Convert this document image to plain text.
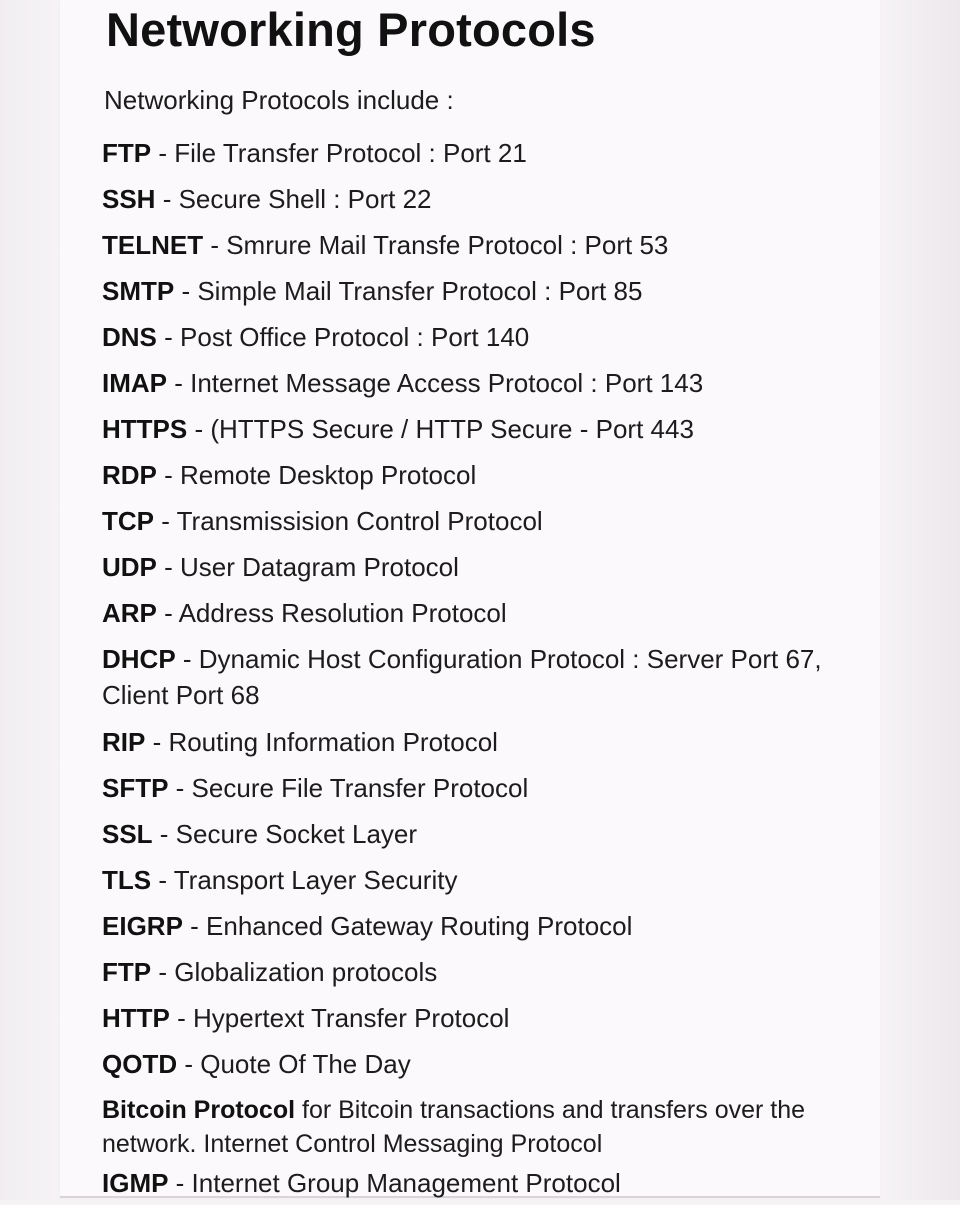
Networking Protocols

Networking Protocols include :

FTP - File Transfer Protocol : Port 21
SSH - Secure Shell : Port 22
TELNET - Smrure Mail Transfe Protocol : Port 53
SMTP - Simple Mail Transfer Protocol : Port 85
DNS - Post Office Protocol : Port 140
IMAP - Internet Message Access Protocol : Port 143
HTTPS - (HTTPS Secure / HTTP Secure - Port 443
RDP - Remote Desktop Protocol
TCP - Transmissision Control Protocol
UDP - User Datagram Protocol
ARP - Address Resolution Protocol
DHCP - Dynamic Host Configuration Protocol : Server Port 67, Client Port 68
RIP - Routing Information Protocol
SFTP - Secure File Transfer Protocol
SSL - Secure Socket Layer
TLS - Transport Layer Security
EIGRP - Enhanced Gateway Routing Protocol
FTP - Globalization protocols
HTTP - Hypertext Transfer Protocol
QOTD - Quote Of The Day
Bitcoin Protocol for Bitcoin transactions and transfers over the network. Internet Control Messaging Protocol
IGMP - Internet Group Management Protocol
